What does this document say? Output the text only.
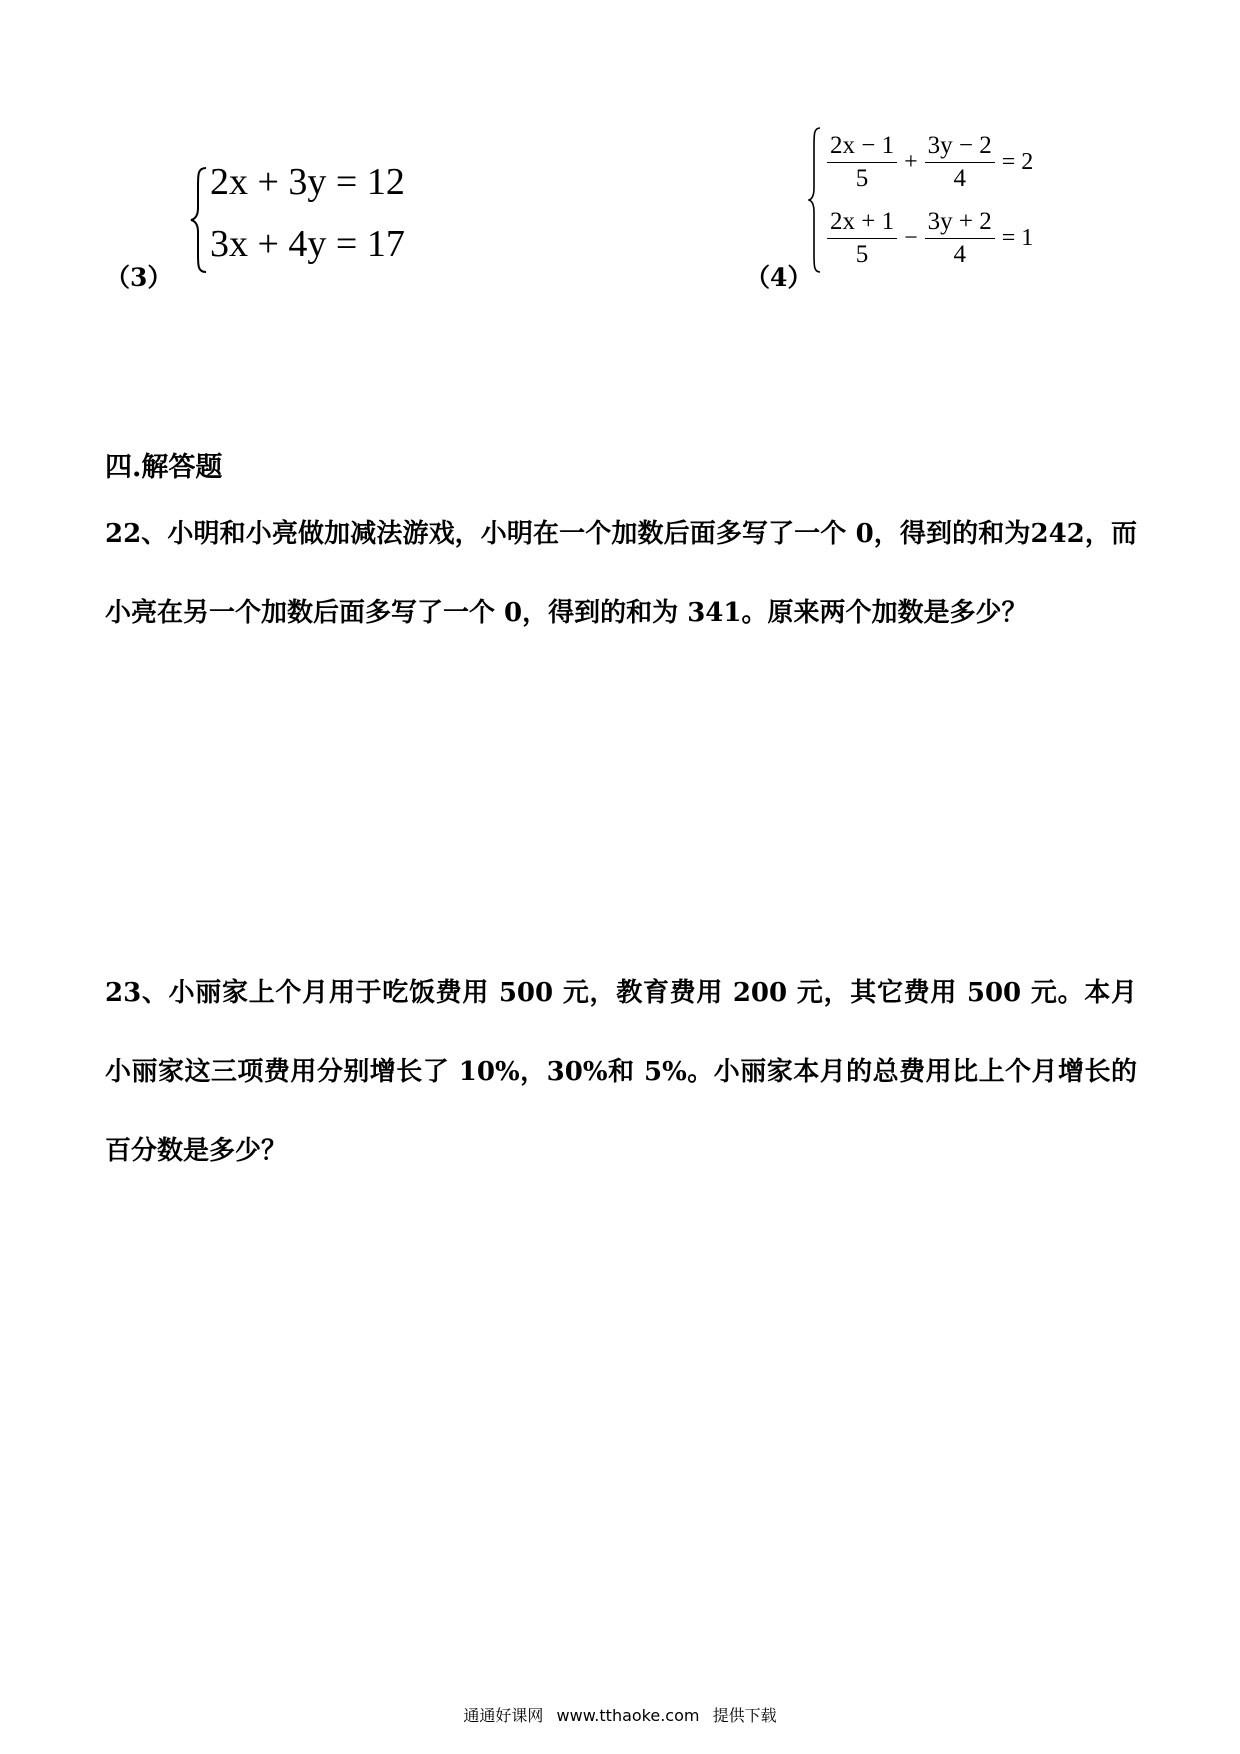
（3）
2x + 3y = 12
3x + 4y = 17
（4）
$\frac{2x - 1}{5} + \frac{3y - 2}{4} = 2$
$\frac{2x + 1}{5} - \frac{3y + 2}{4} = 1$
四.解答题
22、小明和小亮做加减法游戏，小明在一个加数后面多写了一个 0，得到的和为242，而小亮在另一个加数后面多写了一个 0，得到的和为 341。原来两个加数是多少？
23、小丽家上个月用于吃饭费用 500 元，教育费用 200 元，其它费用 500 元。本月小丽家这三项费用分别增长了 10%，30%和 5%。小丽家本月的总费用比上个月增长的百分数是多少？
通通好课网 www.tthaoke.com 提供下载
